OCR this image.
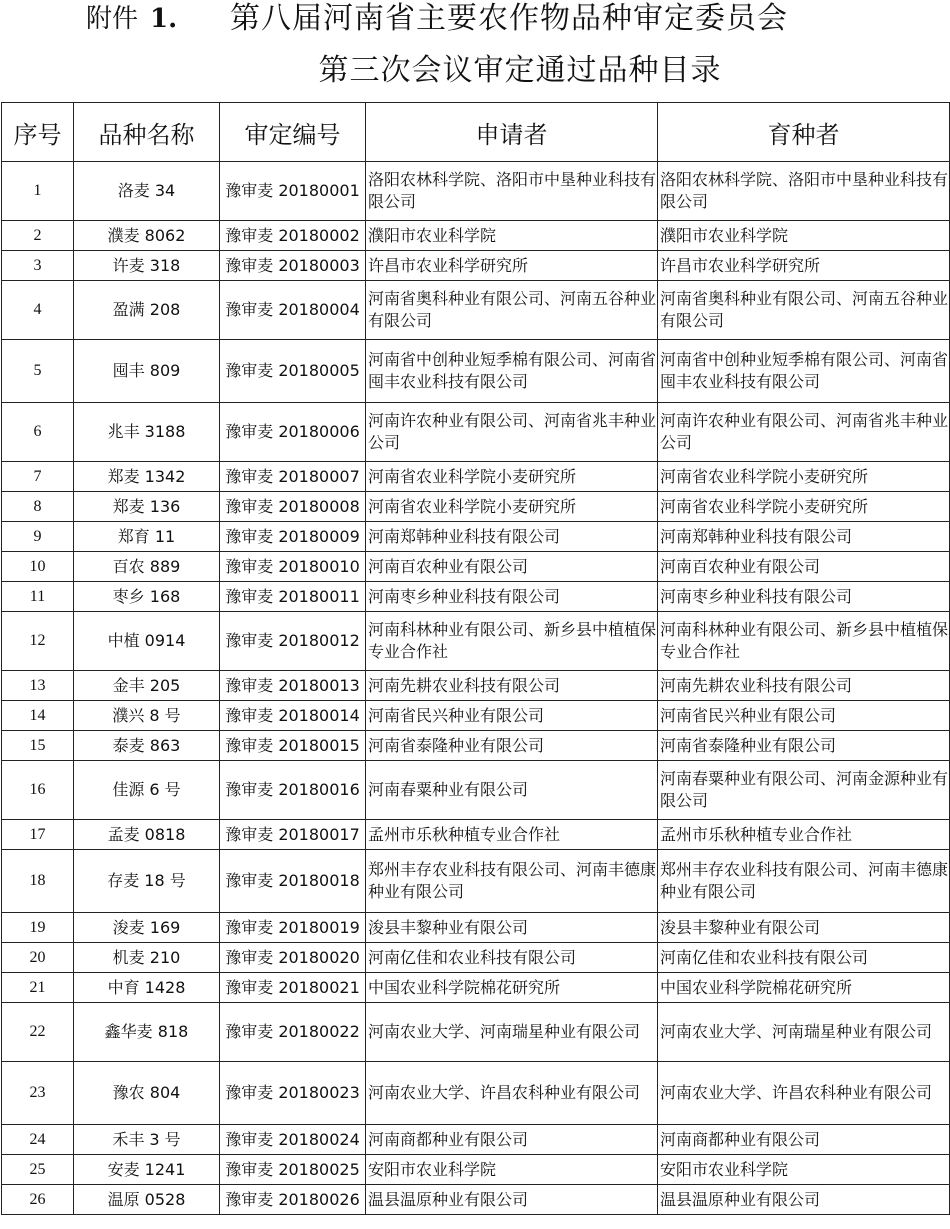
附件 1. 第八届河南省主要农作物品种审定委员会
第三次会议审定通过品种目录
序号	品种名称	审定编号	申请者	育种者
1	洛麦 34	豫审麦 20180001	洛阳农林科学院、洛阳市中垦种业科技有限公司	洛阳农林科学院、洛阳市中垦种业科技有限公司
2	濮麦 8062	豫审麦 20180002	濮阳市农业科学院	濮阳市农业科学院
3	许麦 318	豫审麦 20180003	许昌市农业科学研究所	许昌市农业科学研究所
4	盈满 208	豫审麦 20180004	河南省奥科种业有限公司、河南五谷种业有限公司	河南省奥科种业有限公司、河南五谷种业有限公司
5	囤丰 809	豫审麦 20180005	河南省中创种业短季棉有限公司、河南省囤丰农业科技有限公司	河南省中创种业短季棉有限公司、河南省囤丰农业科技有限公司
6	兆丰 3188	豫审麦 20180006	河南许农种业有限公司、河南省兆丰种业公司	河南许农种业有限公司、河南省兆丰种业公司
7	郑麦 1342	豫审麦 20180007	河南省农业科学院小麦研究所	河南省农业科学院小麦研究所
8	郑麦 136	豫审麦 20180008	河南省农业科学院小麦研究所	河南省农业科学院小麦研究所
9	郑育 11	豫审麦 20180009	河南郑韩种业科技有限公司	河南郑韩种业科技有限公司
10	百农 889	豫审麦 20180010	河南百农种业有限公司	河南百农种业有限公司
11	枣乡 168	豫审麦 20180011	河南枣乡种业科技有限公司	河南枣乡种业科技有限公司
12	中植 0914	豫审麦 20180012	河南科林种业有限公司、新乡县中植植保专业合作社	河南科林种业有限公司、新乡县中植植保专业合作社
13	金丰 205	豫审麦 20180013	河南先耕农业科技有限公司	河南先耕农业科技有限公司
14	濮兴 8 号	豫审麦 20180014	河南省民兴种业有限公司	河南省民兴种业有限公司
15	泰麦 863	豫审麦 20180015	河南省泰隆种业有限公司	河南省泰隆种业有限公司
16	佳源 6 号	豫审麦 20180016	河南春粟种业有限公司	河南春粟种业有限公司、河南金源种业有限公司
17	孟麦 0818	豫审麦 20180017	孟州市乐秋种植专业合作社	孟州市乐秋种植专业合作社
18	存麦 18 号	豫审麦 20180018	郑州丰存农业科技有限公司、河南丰德康种业有限公司	郑州丰存农业科技有限公司、河南丰德康种业有限公司
19	浚麦 169	豫审麦 20180019	浚县丰黎种业有限公司	浚县丰黎种业有限公司
20	机麦 210	豫审麦 20180020	河南亿佳和农业科技有限公司	河南亿佳和农业科技有限公司
21	中育 1428	豫审麦 20180021	中国农业科学院棉花研究所	中国农业科学院棉花研究所
22	鑫华麦 818	豫审麦 20180022	河南农业大学、河南瑞星种业有限公司	河南农业大学、河南瑞星种业有限公司
23	豫农 804	豫审麦 20180023	河南农业大学、许昌农科种业有限公司	河南农业大学、许昌农科种业有限公司
24	禾丰 3 号	豫审麦 20180024	河南商都种业有限公司	河南商都种业有限公司
25	安麦 1241	豫审麦 20180025	安阳市农业科学院	安阳市农业科学院
26	温原 0528	豫审麦 20180026	温县温原种业有限公司	温县温原种业有限公司
